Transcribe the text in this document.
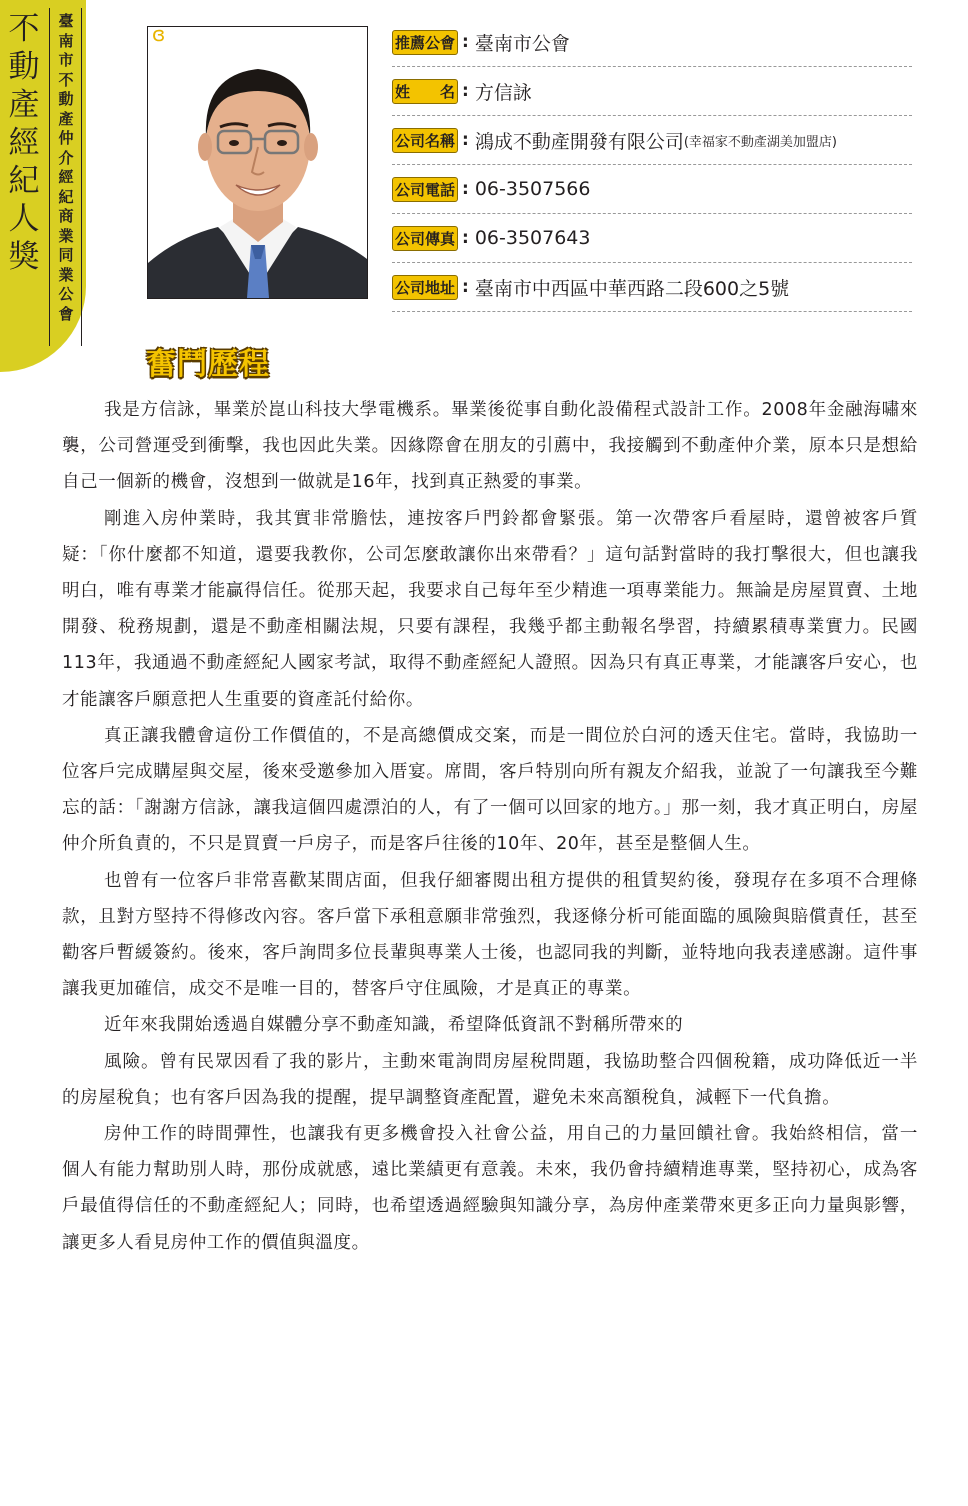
不動產經紀人獎
臺南市不動產仲介經紀商業同業公會
ɞ	推薦公會 : 臺南市公會
姓　　名 : 方信詠
公司名稱 : 鴻成不動產開發有限公司 (幸福家不動產湖美加盟店)
公司電話 : 06-3507566
公司傳真 : 06-3507643
公司地址 : 臺南市中西區中華西路二段600之5號
奮鬥歷程

我是方信詠，畢業於崑山科技大學電機系。畢業後從事自動化設備程式設計工作。2008年金融海嘯來襲，公司營運受到衝擊，我也因此失業。因緣際會在朋友的引薦中，我接觸到不動產仲介業，原本只是想給自己一個新的機會，沒想到一做就是16年，找到真正熱愛的事業。

剛進入房仲業時，我其實非常膽怯，連按客戶門鈴都會緊張。第一次帶客戶看屋時，還曾被客戶質疑：「你什麼都不知道，還要我教你，公司怎麼敢讓你出來帶看？」這句話對當時的我打擊很大，但也讓我明白，唯有專業才能贏得信任。從那天起，我要求自己每年至少精進一項專業能力。無論是房屋買賣、土地開發、稅務規劃，還是不動產相關法規，只要有課程，我幾乎都主動報名學習，持續累積專業實力。民國113年，我通過不動產經紀人國家考試，取得不動產經紀人證照。因為只有真正專業，才能讓客戶安心，也才能讓客戶願意把人生重要的資產託付給你。

真正讓我體會這份工作價值的，不是高總價成交案，而是一間位於白河的透天住宅。當時，我協助一位客戶完成購屋與交屋，後來受邀參加入厝宴。席間，客戶特別向所有親友介紹我，並說了一句讓我至今難忘的話：「謝謝方信詠，讓我這個四處漂泊的人，有了一個可以回家的地方。」那一刻，我才真正明白，房屋仲介所負責的，不只是買賣一戶房子，而是客戶往後的10年、20年，甚至是整個人生。

也曾有一位客戶非常喜歡某間店面，但我仔細審閱出租方提供的租賃契約後，發現存在多項不合理條款，且對方堅持不得修改內容。客戶當下承租意願非常強烈，我逐條分析可能面臨的風險與賠償責任，甚至勸客戶暫緩簽約。後來，客戶詢問多位長輩與專業人士後，也認同我的判斷，並特地向我表達感謝。這件事讓我更加確信，成交不是唯一目的，替客戶守住風險，才是真正的專業。

近年來我開始透過自媒體分享不動產知識，希望降低資訊不對稱所帶來的

風險。曾有民眾因看了我的影片，主動來電詢問房屋稅問題，我協助整合四個稅籍，成功降低近一半的房屋稅負；也有客戶因為我的提醒，提早調整資產配置，避免未來高額稅負，減輕下一代負擔。

房仲工作的時間彈性，也讓我有更多機會投入社會公益，用自己的力量回饋社會。我始終相信，當一個人有能力幫助別人時，那份成就感，遠比業績更有意義。未來，我仍會持續精進專業，堅持初心，成為客戶最值得信任的不動產經紀人；同時，也希望透過經驗與知識分享，為房仲產業帶來更多正向力量與影響，讓更多人看見房仲工作的價值與溫度。
